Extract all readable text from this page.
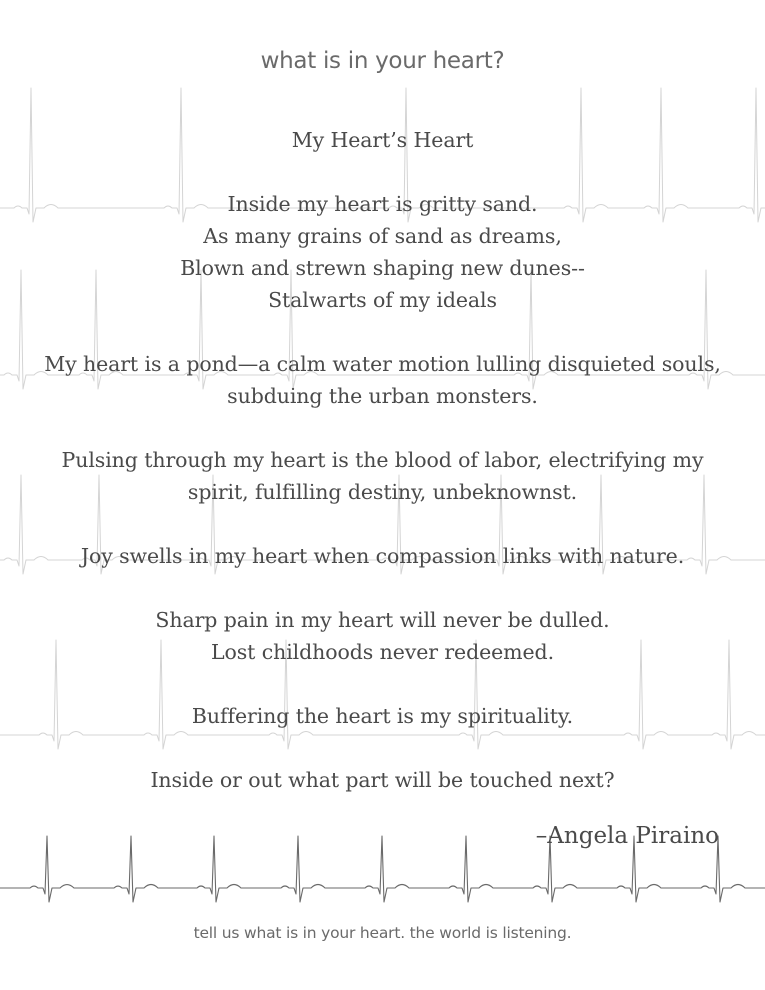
what is in your heart?
My Heart’s Heart
Inside my heart is gritty sand.
As many grains of sand as dreams,
Blown and strewn shaping new dunes--
Stalwarts of my ideals
My heart is a pond—a calm water motion lulling disquieted souls,
subduing the urban monsters.
Pulsing through my heart is the blood of labor, electrifying my
spirit, fulfilling destiny, unbeknownst.
Joy swells in my heart when compassion links with nature.
Sharp pain in my heart will never be dulled.
Lost childhoods never redeemed.
Buffering the heart is my spirituality.
Inside or out what part will be touched next?
–Angela Piraino
tell us what is in your heart. the world is listening.
